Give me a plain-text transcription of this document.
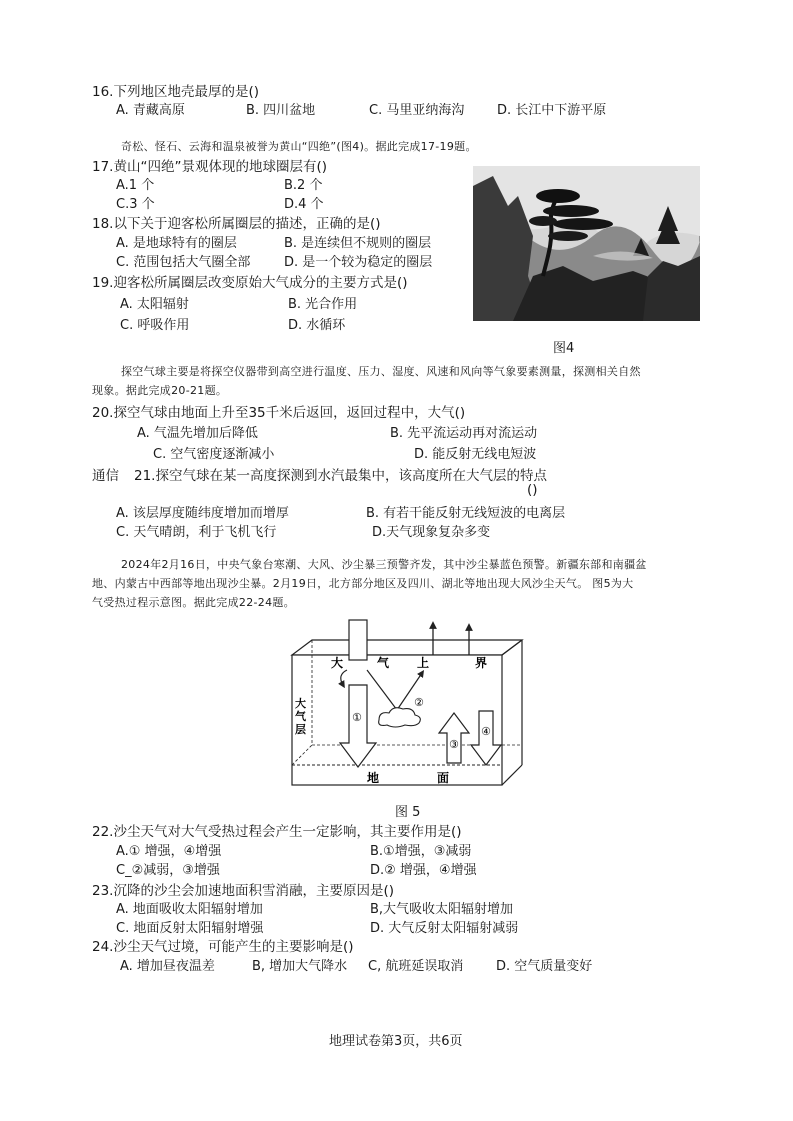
16.下列地区地壳最厚的是()
A. 青藏高原	B. 四川盆地	C. 马里亚纳海沟	D. 长江中下游平原
奇松、怪石、云海和温泉被誉为黄山“四绝”(图4)。据此完成17-19题。
17.黄山“四绝”景观体现的地球圈层有()
A.1 个	B.2 个
C.3 个	D.4 个
18.以下关于迎客松所属圈层的描述，正确的是()
A. 是地球特有的圈层	B. 是连续但不规则的圈层
C. 范围包括大气圈全部	D. 是一个较为稳定的圈层
19.迎客松所属圈层改变原始大气成分的主要方式是()
A. 太阳辐射	B. 光合作用
C. 呼吸作用	D. 水循环
图4
探空气球主要是将探空仪器带到高空进行温度、压力、湿度、风速和风向等气象要素测量，探测相关自然
现象。据此完成20-21题。
20.探空气球由地面上升至35千米后返回，返回过程中，大气()
A. 气温先增加后降低	B. 先平流运动再对流运动
C. 空气密度逐渐减小	D. 能反射无线电短波
通信 21.探空气球在某一高度探测到水汽最集中，该高度所在大气层的特点
()
A. 该层厚度随纬度增加而增厚	B. 有若干能反射无线短波的电离层
C. 天气晴朗，利于飞机飞行	D.天气现象复杂多变
2024年2月16日，中央气象台寒潮、大风、沙尘暴三预警齐发，其中沙尘暴蓝色预警。新疆东部和南疆盆
地、内蒙古中西部等地出现沙尘暴。2月19日，北方部分地区及四川、湖北等地出现大风沙尘天气。 图5为大
气受热过程示意图。据此完成22-24题。
大	气 上	界
大
气
层
地	面
①
②
③
④
图 5
22.沙尘天气对大气受热过程会产生一定影响，其主要作用是()
A.① 增强，④增强	B.①增强，③减弱
C_②减弱，③增强	D.② 增强，④增强
23.沉降的沙尘会加速地面积雪消融，主要原因是()
A. 地面吸收太阳辐射增加	B,大气吸收太阳辐射增加
C. 地面反射太阳辐射增强	D. 大气反射太阳辐射减弱
24.沙尘天气过境，可能产生的主要影响是()
A. 增加昼夜温差	B, 增加大气降水 C, 航班延误取消	D. 空气质量变好
地理试卷第3页，共6页
